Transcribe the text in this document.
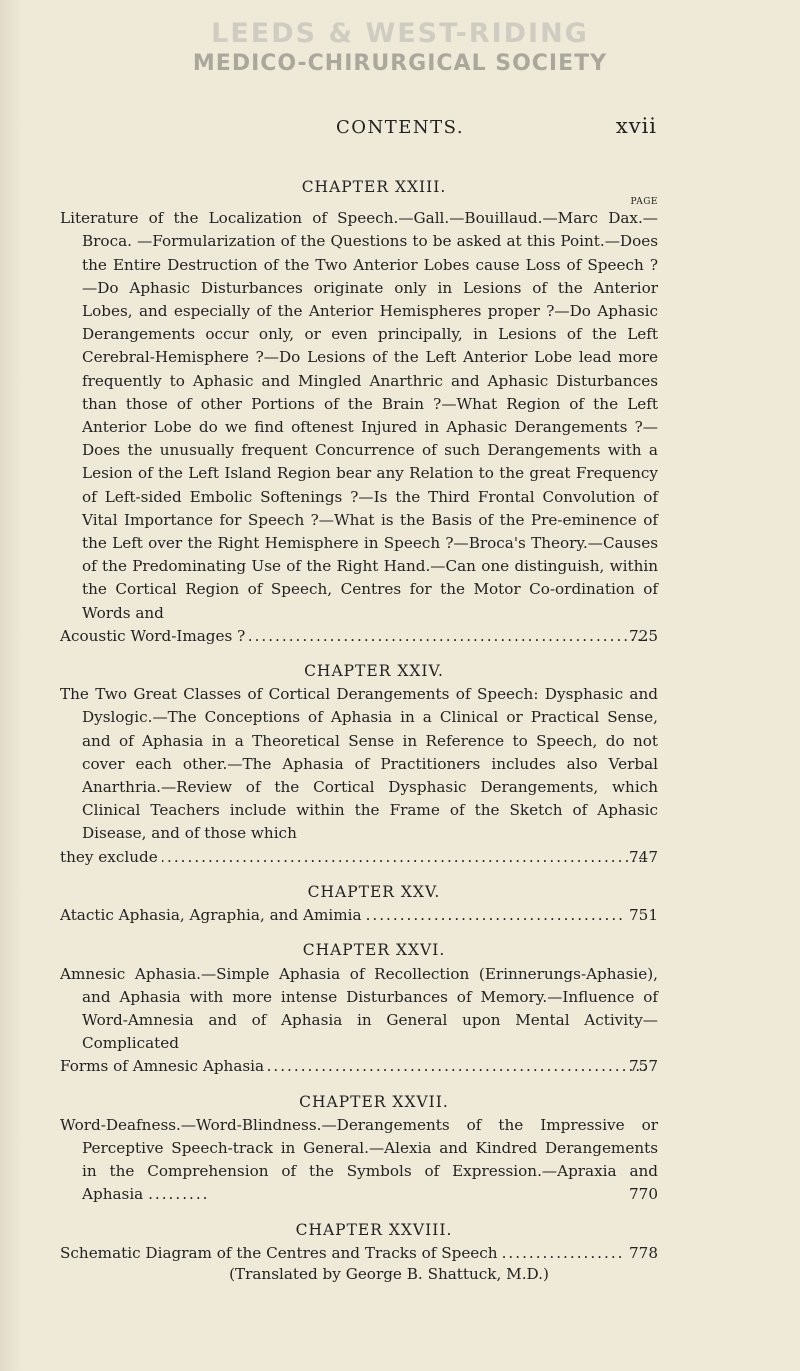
LEEDS & WEST-RIDING
MEDICO-CHIRURGICAL SOCIETY
CONTENTS.	xvii
CHAPTER XXIII.
PAGE
Literature of the Localization of Speech.—Gall.—Bouillaud.—Marc Dax.—Broca. —Formularization of the Questions to be asked at this Point.—Does the Entire Destruction of the Two Anterior Lobes cause Loss of Speech ?—Do Aphasic Disturbances originate only in Lesions of the Anterior Lobes, and especially of the Anterior Hemispheres proper ?—Do Aphasic Derangements occur only, or even principally, in Lesions of the Left Cerebral-Hemisphere ?—Do Lesions of the Left Anterior Lobe lead more frequently to Aphasic and Mingled Anarthric and Aphasic Disturbances than those of other Portions of the Brain ?—What Region of the Left Anterior Lobe do we find oftenest Injured in Aphasic Derangements ?—Does the unusually frequent Concurrence of such Derangements with a Lesion of the Left Island Region bear any Relation to the great Frequency of Left-sided Embolic Softenings ?—Is the Third Frontal Convolution of Vital Importance for Speech ?—What is the Basis of the Pre-eminence of the Left over the Right Hemisphere in Speech ?—Broca's Theory.—Causes of the Predominating Use of the Right Hand.—Can one distinguish, within the Cortical Region of Speech, Centres for the Motor Co-ordination of Words and
Acoustic Word-Images ? .....	725
CHAPTER XXIV.
The Two Great Classes of Cortical Derangements of Speech: Dysphasic and Dyslogic.—The Conceptions of Aphasia in a Clinical or Practical Sense, and of Aphasia in a Theoretical Sense in Reference to Speech, do not cover each other.—The Aphasia of Practitioners includes also Verbal Anarthria.—Review of the Cortical Dysphasic Derangements, which Clinical Teachers include within the Frame of the Sketch of Aphasic Disease, and of those which
they exclude .....	747
CHAPTER XXV.
Atactic Aphasia, Agraphia, and Amimia .....	751
CHAPTER XXVI.
Amnesic Aphasia.—Simple Aphasia of Recollection (Erinnerungs-Aphasie), and Aphasia with more intense Disturbances of Memory.—Influence of Word-Amnesia and of Aphasia in General upon Mental Activity— Complicated
Forms of Amnesic Aphasia .....	757
CHAPTER XXVII.
Word-Deafness.—Word-Blindness.—Derangements of the Impressive or Perceptive Speech-track in General.—Alexia and Kindred Derangements in the Comprehension of the Symbols of Expression.—Apraxia and Aphasia .........	770
CHAPTER XXVIII.
Schematic Diagram of the Centres and Tracks of Speech .....	778
(Translated by George B. Shattuck, M.D.)
